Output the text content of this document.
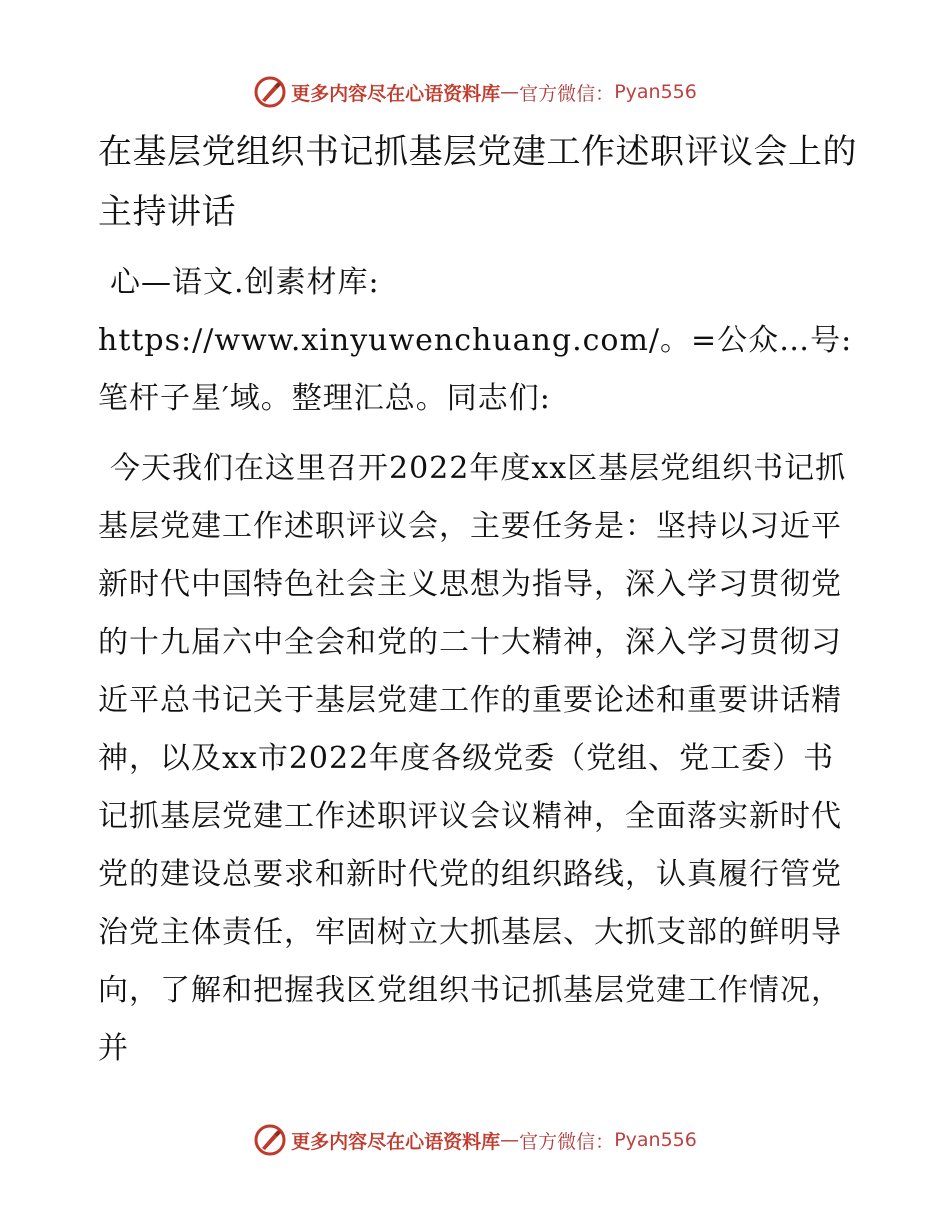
更多内容尽在心语资料库 — 官方微信： Pyan556
在基层党组织书记抓基层党建工作述职评议会上的主持讲话

心—语文.创素材库: https://www.xinyuwenchuang.com/。=公众…号: 笔杆子星′域。整理汇总。同志们:

今天我们在这里召开2022年度xx区基层党组织书记抓基层党建工作述职评议会，主要任务是：坚持以习近平新时代中国特色社会主义思想为指导，深入学习贯彻党的十九届六中全会和党的二十大精神，深入学习贯彻习近平总书记关于基层党建工作的重要论述和重要讲话精神，以及xx市2022年度各级党委（党组、党工委）书记抓基层党建工作述职评议会议精神，全面落实新时代党的建设总要求和新时代党的组织路线，认真履行管党治党主体责任，牢固树立大抓基层、大抓支部的鲜明导向，了解和把握我区党组织书记抓基层党建工作情况，并

更多内容尽在心语资料库 — 官方微信： Pyan556
